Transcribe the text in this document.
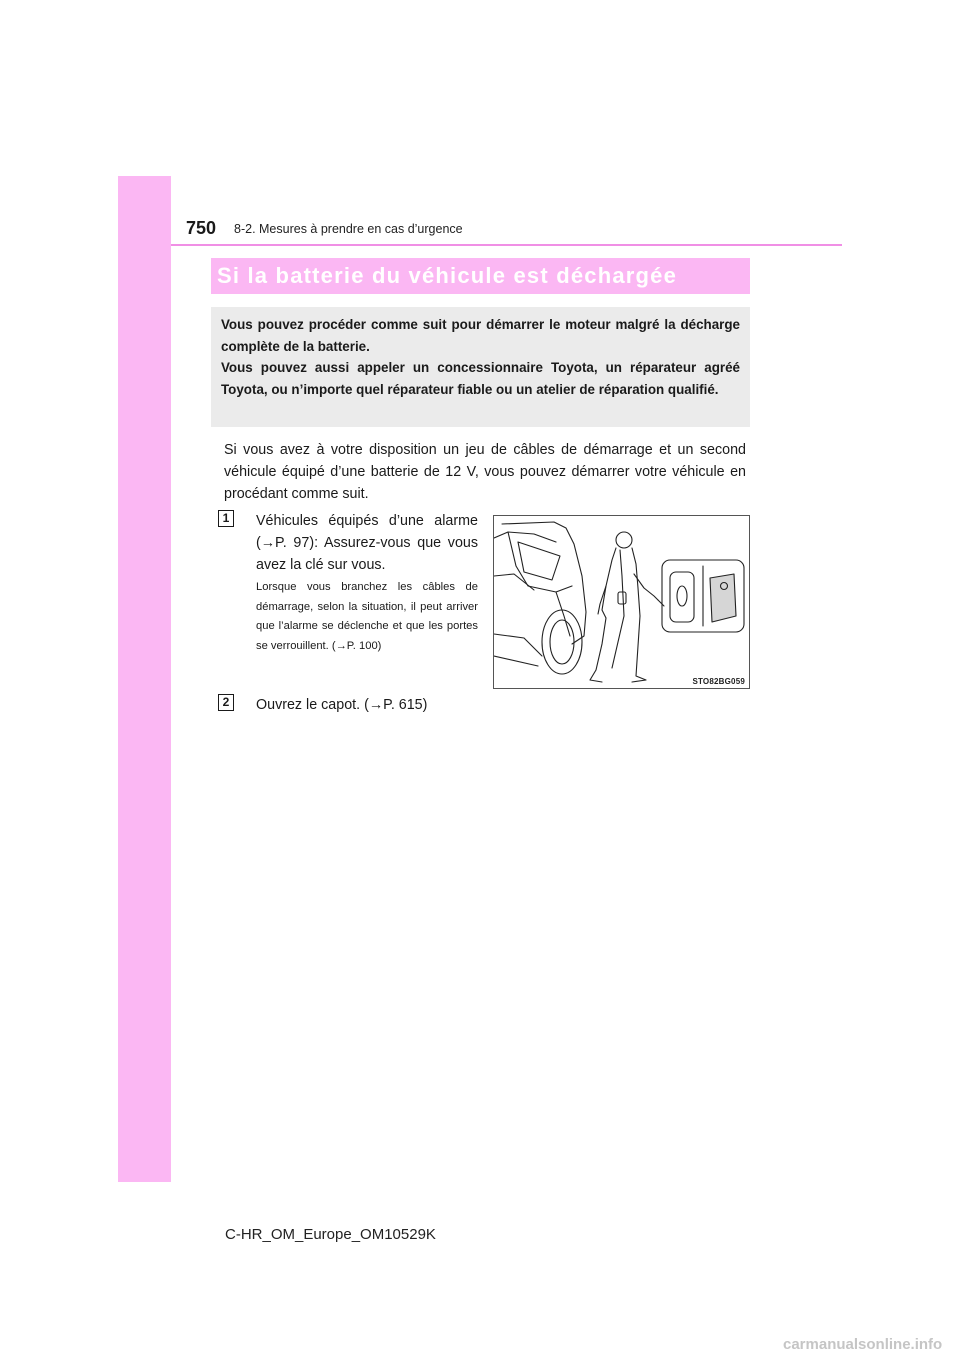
750 8-2. Mesures à prendre en cas d’urgence
Si la batterie du véhicule est déchargée

Vous pouvez procéder comme suit pour démarrer le moteur malgré la décharge complète de la batterie.

Vous pouvez aussi appeler un concessionnaire Toyota, un réparateur agréé Toyota, ou n’importe quel réparateur fiable ou un atelier de réparation qualifié.

Si vous avez à votre disposition un jeu de câbles de démarrage et un second véhicule équipé d’une batterie de 12 V, vous pouvez démarrer votre véhicule en procédant comme suit.

1	Véhicules équipés d’une alarme (→P. 97): Assurez-vous que vous avez la clé sur vous.

Lorsque vous branchez les câbles de démarrage, selon la situation, il peut arriver que l’alarme se déclenche et que les portes se verrouillent. (→P. 100)

2	Ouvrez le capot. (→P. 615)

STO82BG059
C-HR_OM_Europe_OM10529K
carmanualsonline.info
